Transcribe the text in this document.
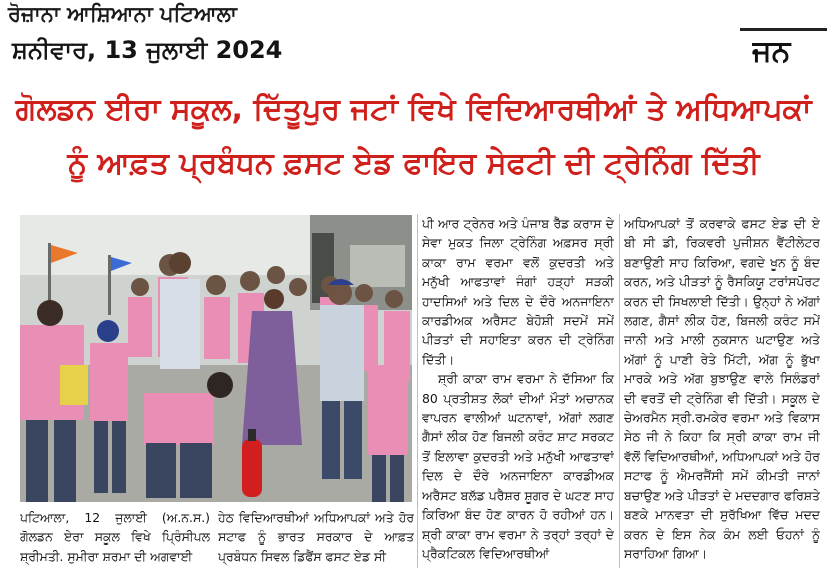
ਰੋਜ਼ਾਨਾ ਆਸ਼ਿਆਨਾ ਪਟਿਆਲਾ
ਸ਼ਨੀਵਾਰ, 13 ਜੁਲਾਈ 2024	ਜਨ
ਗੋਲਡਨ ਈਰਾ ਸਕੂਲ, ਦਿੱਤੂਪੁਰ ਜਟਾਂ ਵਿਖੇ ਵਿਦਿਆਰਥੀਆਂ ਤੇ ਅਧਿਆਪਕਾਂ
ਨੂੰ ਆਫ਼ਤ ਪ੍ਰਬੰਧਨ ਫ਼ਸਟ ਏਡ ਫਾਇਰ ਸੇਫਟੀ ਦੀ ਟ੍ਰੇਨਿੰਗ ਦਿੱਤੀ

ਪਟਿਆਲਾ, 12 ਜੁਲਾਈ (ਅ.ਨ.ਸ.) ਗੋਲਡਨ ਏਰਾ ਸਕੂਲ ਵਿਖੇ ਪ੍ਰਿੰਸੀਪਲ ਸ਼੍ਰੀਮਤੀ. ਸੁਮੀਰਾ ਸ਼ਰਮਾ ਦੀ ਅਗਵਾਈ

ਹੇਠ ਵਿਦਿਆਰਥੀਆਂ ਅਧਿਆਪਕਾਂ ਅਤੇ ਹੋਰ ਸਟਾਫ ਨੂੰ ਭਾਰਤ ਸਰਕਾਰ ਦੇ ਆਫ਼ਤ ਪ੍ਰਬੰਧਨ ਸਿਵਲ ਡਿਫੈਂਸ ਫਸਟ ਏਡ ਸੀ

ਪੀ ਆਰ ਟ੍ਰੇਨਰ ਅਤੇ ਪੰਜਾਬ ਰੈੱਡ ਕਰਾਸ ਦੇ ਸੇਵਾ ਮੁਕਤ ਜਿਲਾ ਟ੍ਰੇਨਿੰਗ ਅਫ਼ਸਰ ਸ੍ਰੀ ਕਾਕਾ ਰਾਮ ਵਰਮਾ ਵਲੋਂ ਕੁਦਰਤੀ ਅਤੇ ਮਨੁੱਖੀ ਆਫਤਾਵਾਂ ਜੰਗਾਂ ਹੜ੍ਹਾਂ ਸੜਕੀ ਹਾਦਸਿਆਂ ਅਤੇ ਦਿਲ ਦੇ ਦੌਰੇ ਅਨਜਾਇਨਾ ਕਾਰਡੀਅਕ ਅਰੈਸਟ ਬੇਹੋਸ਼ੀ ਸਦਮੇਂ ਸਮੇਂ ਪੀੜਤਾਂ ਦੀ ਸਹਾਇਤਾ ਕਰਨ ਦੀ ਟ੍ਰੇਨਿੰਗ ਦਿੱਤੀ।

ਸ਼੍ਰੀ ਕਾਕਾ ਰਾਮ ਵਰਮਾ ਨੇ ਦੱਸਿਆ ਕਿ 80 ਪ੍ਰਤੀਸ਼ਤ ਲੋਕਾਂ ਦੀਆਂ ਮੌਤਾਂ ਅਚਾਨਕ ਵਾਪਰਨ ਵਾਲੀਆਂ ਘਟਨਾਵਾਂ, ਅੱਗਾਂ ਲਗਣ ਗੈਸਾਂ ਲੀਕ ਹੋਣ ਬਿਜਲੀ ਕਰੰਟ ਸ਼ਾਟ ਸਰਕਟ ਤੋਂ ਇਲਾਵਾ ਕੁਦਰਤੀ ਅਤੇ ਮਨੁੱਖੀ ਆਫਤਾਵਾਂ ਦਿਲ ਦੇ ਦੌਰੇ ਅਨਜਾਇਨਾ ਕਾਰਡੀਅਕ ਅਰੈਸਟ ਬਲੱਡ ਪਰੈਸ਼ਰ ਸ਼ੂਗਰ ਦੇ ਘਟਣ ਸਾਹ ਕਿਰਿਆ ਬੰਦ ਹੋਣ ਕਾਰਨ ਹੋ ਰਹੀਆਂ ਹਨ। ਸ਼੍ਰੀ ਕਾਕਾ ਰਾਮ ਵਰਮਾ ਨੇ ਤਰ੍ਹਾਂ ਤਰ੍ਹਾਂ ਦੇ ਪ੍ਰੈਕਟਿਕਲ ਵਿਦਿਆਰਥੀਆਂ

ਅਧਿਆਪਕਾਂ ਤੋਂ ਕਰਵਾਕੇ ਫਸਟ ਏਡ ਦੀ ਏ ਬੀ ਸੀ ਡੀ, ਰਿਕਵਰੀ ਪੁਜੀਸ਼ਨ ਵੈਂਟੀਲੇਟਰ ਬਣਾਉਣੀ ਸਾਹ ਕਿਰਿਆ, ਵਗਦੇ ਖੂਨ ਨੂੰ ਬੰਦ ਕਰਨ, ਅਤੇ ਪੀੜਤਾਂ ਨੂੰ ਰੈਸਕਿਯੂ ਟਰਾਂਸਪੋਰਟ ਕਰਨ ਦੀ ਸਿਖਲਾਈ ਦਿੱਤੀ। ਉਨ੍ਹਾਂ ਨੇ ਅੱਗਾਂ ਲਗਣ, ਗੈਸਾਂ ਲੀਕ ਹੋਣ, ਬਿਜਲੀ ਕਰੰਟ ਸਮੇਂ ਜਾਨੀ ਅਤੇ ਮਾਲੀ ਨੁਕਸਾਨ ਘਟਾਉਣ ਅਤੇ ਅੱਗਾਂ ਨੂੰ ਪਾਣੀ ਰੇਤੇ ਮਿੱਟੀ, ਅੱਗ ਨੂੰ ਭੁੱਖਾ ਮਾਰਕੇ ਅਤੇ ਅੱਗ ਬੁਝਾਉਣ ਵਾਲੇ ਸਿਲੰਡਰਾਂ ਦੀ ਵਰਤੋਂ ਦੀ ਟ੍ਰੇਨਿੰਗ ਵੀ ਦਿੱਤੀ। ਸਕੂਲ ਦੇ ਚੇਅਰਮੈਨ ਸ੍ਰੀ.ਰਮਕੇਰ ਵਰਮਾ ਅਤੇ ਵਿਕਾਸ ਸੇਠ ਜੀ ਨੇ ਕਿਹਾ ਕਿ ਸ੍ਰੀ ਕਾਕਾ ਰਾਮ ਜੀ ਵੱਲੋਂ ਵਿਦਿਆਰਥੀਆਂ, ਅਧਿਆਪਕਾਂ ਅਤੇ ਹੋਰ ਸਟਾਫ ਨੂੰ ਐਮਰਜੈਂਸੀ ਸਮੇਂ ਕੀਮਤੀ ਜਾਨਾਂ ਬਚਾਉਣ ਅਤੇ ਪੀੜਤਾਂ ਦੇ ਮਦਦਗਾਰ ਫਰਿਸ਼ਤੇ ਬਣਕੇ ਮਾਨਵਤਾ ਦੀ ਸੁਰੱਖਿਆ ਵਿੱਚ ਮਦਦ ਕਰਨ ਦੇ ਇਸ ਨੇਕ ਕੰਮ ਲਈ ਓਹਨਾਂ ਨੂੰ ਸਰਾਹਿਆ ਗਿਆ।
